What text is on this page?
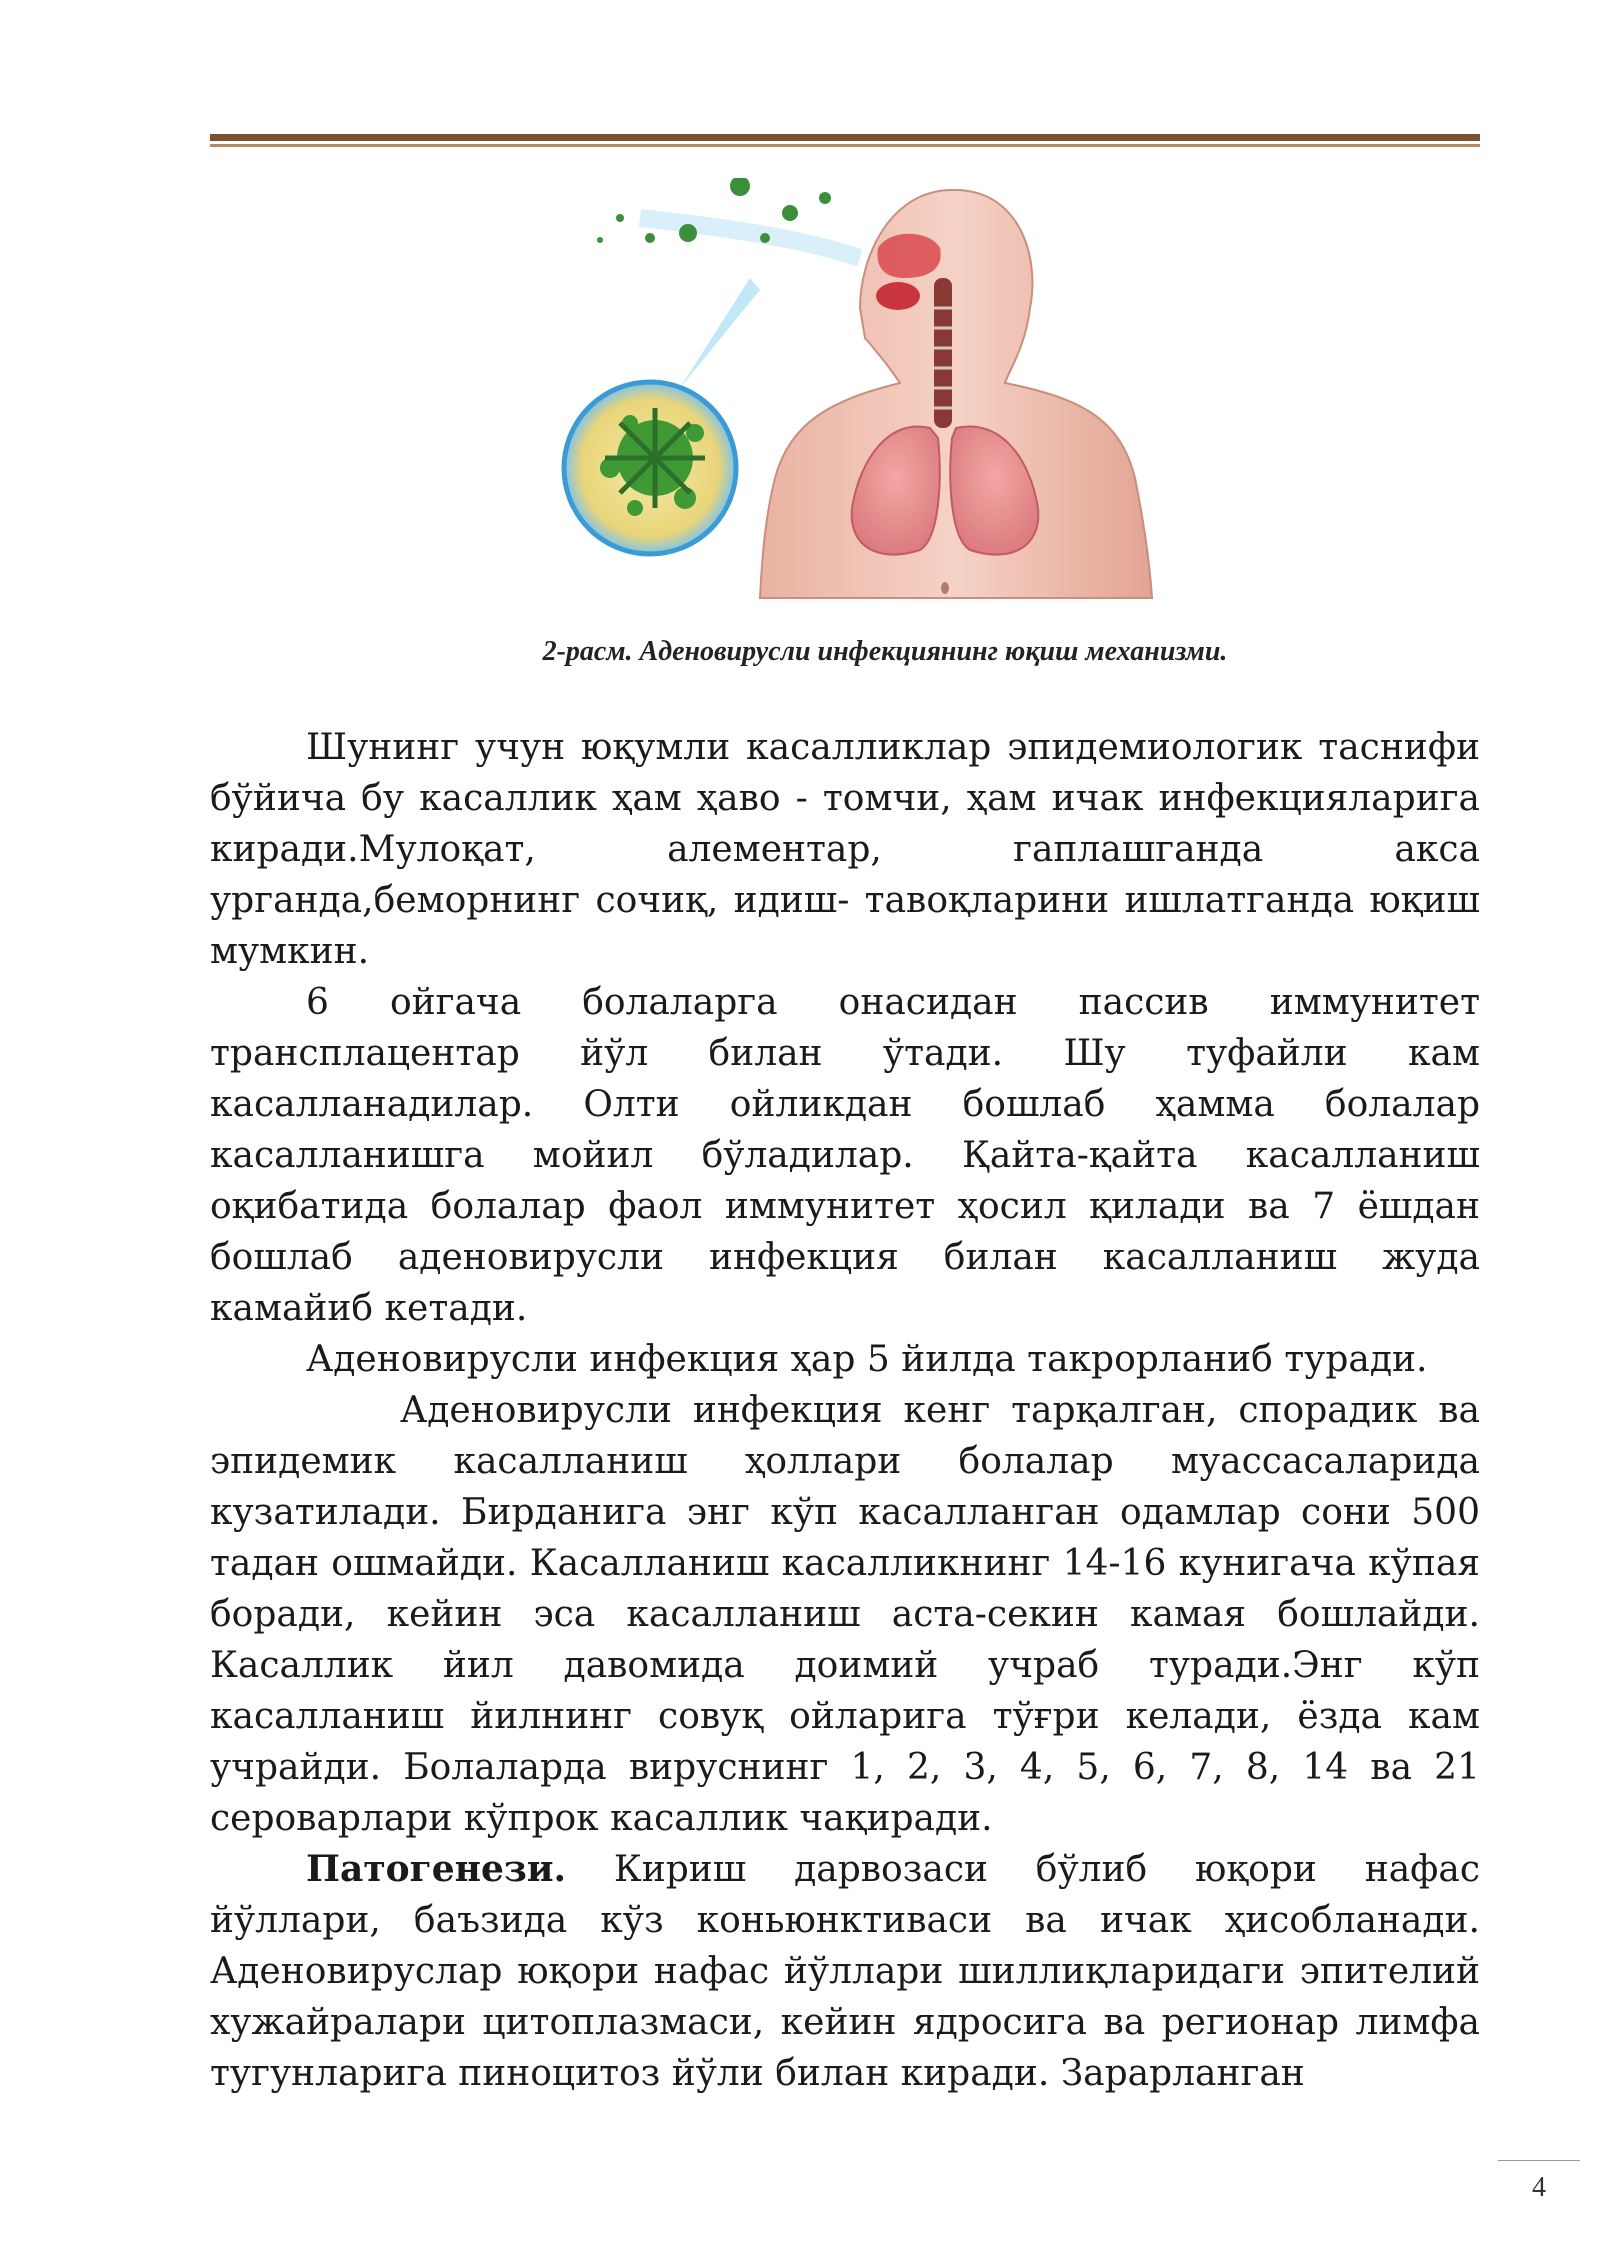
2-расм. Аденовирусли инфекциянинг юқиш механизми.

Шунинг учун юқумли касалликлар эпидемиологик таснифи бўйича бу касаллик ҳам ҳаво - томчи, ҳам ичак инфекцияларига киради.Мулоқат, алементар, гаплашганда акса урганда,беморнинг сочиқ, идиш- тавоқларини ишлатганда юқиш мумкин.

6 ойгача болаларга онасидан пассив иммунитет трансплацентар йўл билан ўтади. Шу туфайли кам касалланадилар. Олти ойликдан бошлаб ҳамма болалар касалланишга мойил бўладилар. Қайта-қайта касалланиш оқибатида болалар фаол иммунитет ҳосил қилади ва 7 ёшдан бошлаб аденовирусли инфекция билан касалланиш жуда камайиб кетади.

Аденовирусли инфекция ҳар 5 йилда такрорланиб туради.

Аденовирусли инфекция кенг тарқалган, спорадик ва эпидемик касалланиш ҳоллари болалар муассасаларида кузатилади. Бирданига энг кўп касалланган одамлар сони 500 тадан ошмайди. Касалланиш касалликнинг 14-16 кунигача кўпая боради, кейин эса касалланиш аста-секин камая бошлайди. Касаллик йил давомида доимий учраб туради.Энг кўп касалланиш йилнинг совуқ ойларига тўғри келади, ёзда кам учрайди. Болаларда вируснинг 1, 2, 3, 4, 5, 6, 7, 8, 14 ва 21 сероварлари кўпрок касаллик чақиради.

Патогенези. Кириш дарвозаси бўлиб юқори нафас йўллари, баъзида кўз коньюнктиваси ва ичак ҳисобланади. Аденовируслар юқори нафас йўллари шиллиқларидаги эпителий хужайралари цитоплазмаси, кейин ядросига ва регионар лимфа тугунларига пиноцитоз йўли билан киради. Зарарланган

4
